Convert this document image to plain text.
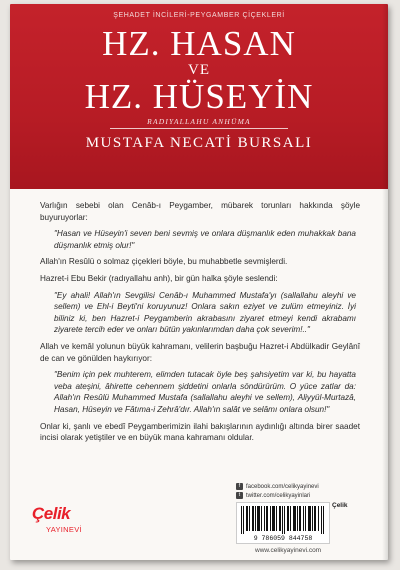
ŞEHADET İNCİLERİ-PEYGAMBER ÇİÇEKLERİ
HZ. HASAN
VE
HZ. HÜSEYİN
RADIYALLAHU ANHÜMA
MUSTAFA NECATİ BURSALI

Varlığın sebebi olan Cenâb-ı Peygamber, mübarek torunları hakkında şöyle buyuruyorlar:

"Hasan ve Hüseyin'i seven beni sevmiş ve onlara düşmanlık eden muhakkak bana düşmanlık etmiş olur!"

Allah'ın Resûlü o solmaz çiçekleri böyle, bu muhabbetle sevmişlerdi.

Hazret-i Ebu Bekir (radıyallahu anh), bir gün halka şöyle seslendi:

"Ey ahali! Allah'ın Sevgilisi Cenâb-ı Muhammed Mustafa'yı (sallallahu aleyhi ve sellem) ve Ehl-i Beyti'ni koruyunuz! Onlara sakın eziyet ve zulüm etmeyiniz. İyi biliniz ki, ben Hazret-i Peygamberin akrabasını ziyaret etmeyi kendi akrabamı ziyarete tercih eder ve onları bütün yakınlarımdan daha çok severim!.."

Allah ve kemâl yolunun büyük kahramanı, velilerin başbuğu Hazret-i Abdülkadir Geylânî de can ve gönülden haykırıyor:

"Benim için pek muhterem, elimden tutacak öyle beş şahsiyetim var ki, bu hayatta veba ateşini, âhirette cehennem şiddetini onlarla söndürürüm. O yüce zatlar da: Allah'ın Resûlü Muhammed Mustafa (sallallahu aleyhi ve sellem), Aliyyül-Murtazâ, Hasan, Hüseyin ve Fâtıma-i Zehrâ'dır. Allah'ın salât ve selâmı onlara olsun!"

Onlar ki, şanlı ve ebedî Peygamberimizin ilahi bakışlarının aydınlığı altında birer saadet incisi olarak yetiştiler ve en büyük mana kahramanı oldular.

Çelik
YAYINEVİ
f facebook.com/celikyayinevi
t twitter.com/celikyayinlari
9 786059 844758
Çelik
www.celikyayinevi.com
